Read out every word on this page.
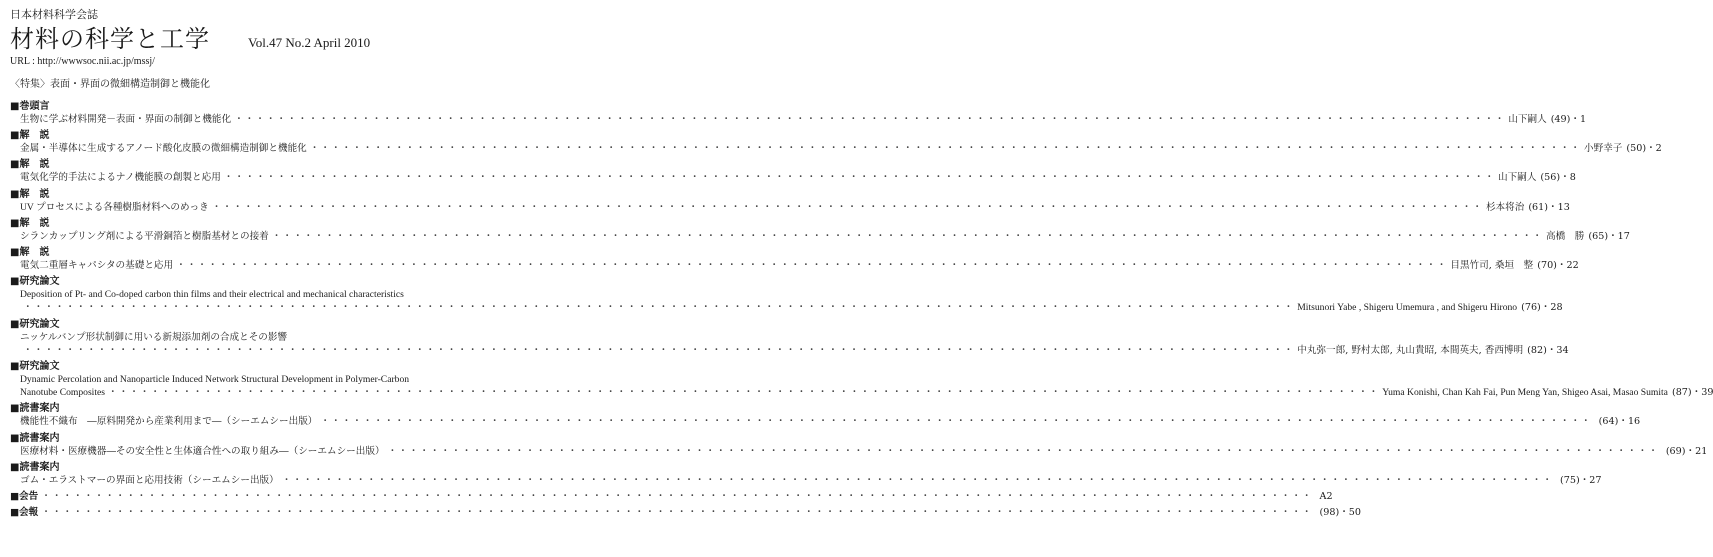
日本材料科学会誌
材料の科学と工学	Vol.47 No.2 April 2010
URL : http://wwwsoc.nii.ac.jp/mssj/
〈特集〉表面・界面の微細構造制御と機能化
■巻頭言
生物に学ぶ材料開発－表面・界面の制御と機能化 ・・・・・・・・・・・・・・・・・・・・・・・・・・・・・・・・・・・・・・・・・・・・・・・・・・・・・・・・・・・・・・・・・・・・・・・・・・・・・・・・・・・・・・・・・・・・・・・・・・・・・・・・・・・・・・・・・・・・・・・・ 山下嗣人 (49)・1
■解　説
金属・半導体に生成するアノード酸化皮膜の微細構造制御と機能化 ・・・・・・・・・・・・・・・・・・・・・・・・・・・・・・・・・・・・・・・・・・・・・・・・・・・・・・・・・・・・・・・・・・・・・・・・・・・・・・・・・・・・・・・・・・・・・・・・・・・・・・・・・・・・・・・・・・・・・・・・ 小野幸子 (50)・2
■解　説
電気化学的手法によるナノ機能膜の創製と応用 ・・・・・・・・・・・・・・・・・・・・・・・・・・・・・・・・・・・・・・・・・・・・・・・・・・・・・・・・・・・・・・・・・・・・・・・・・・・・・・・・・・・・・・・・・・・・・・・・・・・・・・・・・・・・・・・・・・・・・・・・ 山下嗣人 (56)・8
■解　説
UV プロセスによる各種樹脂材料へのめっき ・・・・・・・・・・・・・・・・・・・・・・・・・・・・・・・・・・・・・・・・・・・・・・・・・・・・・・・・・・・・・・・・・・・・・・・・・・・・・・・・・・・・・・・・・・・・・・・・・・・・・・・・・・・・・・・・・・・・・・・・ 杉本将治 (61)・13
■解　説
シランカップリング剤による平滑銅箔と樹脂基材との接着 ・・・・・・・・・・・・・・・・・・・・・・・・・・・・・・・・・・・・・・・・・・・・・・・・・・・・・・・・・・・・・・・・・・・・・・・・・・・・・・・・・・・・・・・・・・・・・・・・・・・・・・・・・・・・・・・・・・・・・・・・ 高橋　勝 (65)・17
■解　説
電気二重層キャパシタの基礎と応用 ・・・・・・・・・・・・・・・・・・・・・・・・・・・・・・・・・・・・・・・・・・・・・・・・・・・・・・・・・・・・・・・・・・・・・・・・・・・・・・・・・・・・・・・・・・・・・・・・・・・・・・・・・・・・・・・・・・・・・・・・ 目黒竹司, 桑垣　整 (70)・22
■研究論文
Deposition of Pt- and Co-doped carbon thin films and their electrical and mechanical characteristics
・・・・・・・・・・・・・・・・・・・・・・・・・・・・・・・・・・・・・・・・・・・・・・・・・・・・・・・・・・・・・・・・・・・・・・・・・・・・・・・・・・・・・・・・・・・・・・・・・・・・・・・・・・・・・・・・・・・・・・・・ Mitsunori Yabe , Shigeru Umemura , and Shigeru Hirono (76)・28
■研究論文
ニッケルバンプ形状制御に用いる新規添加剤の合成とその影響
・・・・・・・・・・・・・・・・・・・・・・・・・・・・・・・・・・・・・・・・・・・・・・・・・・・・・・・・・・・・・・・・・・・・・・・・・・・・・・・・・・・・・・・・・・・・・・・・・・・・・・・・・・・・・・・・・・・・・・・・ 中丸弥一郎, 野村太郎, 丸山貴昭, 本間英夫, 香西博明 (82)・34
■研究論文
Dynamic Percolation and Nanoparticle Induced Network Structural Development in Polymer-Carbon
Nanotube Composites ・・・・・・・・・・・・・・・・・・・・・・・・・・・・・・・・・・・・・・・・・・・・・・・・・・・・・・・・・・・・・・・・・・・・・・・・・・・・・・・・・・・・・・・・・・・・・・・・・・・・・・・・・・・・・・・・・・・・・・・・ Yuma Konishi, Chan Kah Fai, Pun Meng Yan, Shigeo Asai, Masao Sumita (87)・39
■読書案内
機能性不織布　―原料開発から産業利用まで―（シーエムシー出版） ・・・・・・・・・・・・・・・・・・・・・・・・・・・・・・・・・・・・・・・・・・・・・・・・・・・・・・・・・・・・・・・・・・・・・・・・・・・・・・・・・・・・・・・・・・・・・・・・・・・・・・・・・・・・・・・・・・・・・・・・ (64)・16
■読書案内
医療材料・医療機器―その安全性と生体適合性への取り組み―（シーエムシー出版） ・・・・・・・・・・・・・・・・・・・・・・・・・・・・・・・・・・・・・・・・・・・・・・・・・・・・・・・・・・・・・・・・・・・・・・・・・・・・・・・・・・・・・・・・・・・・・・・・・・・・・・・・・・・・・・・・・・・・・・・・ (69)・21
■読書案内
ゴム・エラストマーの界面と応用技術（シーエムシー出版） ・・・・・・・・・・・・・・・・・・・・・・・・・・・・・・・・・・・・・・・・・・・・・・・・・・・・・・・・・・・・・・・・・・・・・・・・・・・・・・・・・・・・・・・・・・・・・・・・・・・・・・・・・・・・・・・・・・・・・・・・ (75)・27
■会告 ・・・・・・・・・・・・・・・・・・・・・・・・・・・・・・・・・・・・・・・・・・・・・・・・・・・・・・・・・・・・・・・・・・・・・・・・・・・・・・・・・・・・・・・・・・・・・・・・・・・・・・・・・・・・・・・・・・・・・・・・ A2
■会報 ・・・・・・・・・・・・・・・・・・・・・・・・・・・・・・・・・・・・・・・・・・・・・・・・・・・・・・・・・・・・・・・・・・・・・・・・・・・・・・・・・・・・・・・・・・・・・・・・・・・・・・・・・・・・・・・・・・・・・・・・ (98)・50
